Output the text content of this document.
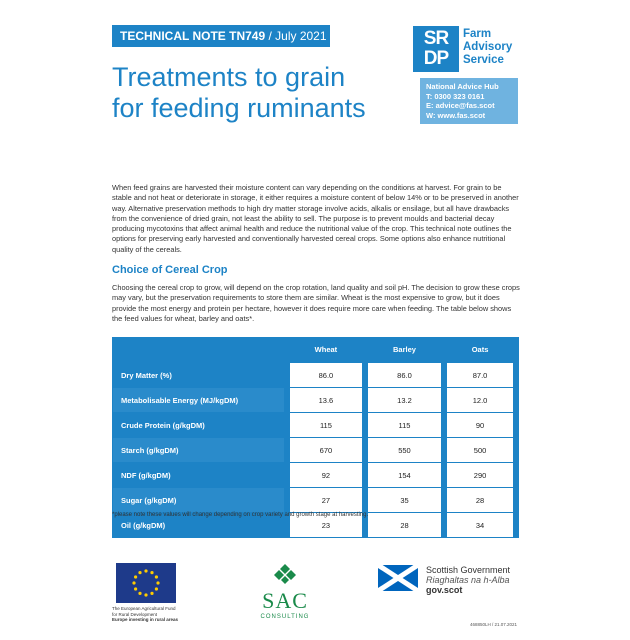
TECHNICAL NOTE TN749 / July 2021
Treatments to grain
for feeding ruminants
SR
DP
Farm
Advisory
Service
National Advice Hub
T: 0300 323 0161
E: advice@fas.scot
W: www.fas.scot
When feed grains are harvested their moisture content can vary depending on the conditions at harvest. For grain to be stable and not heat or deteriorate in storage, it either requires a moisture content of below 14% or to be preserved in another way. Alternative preservation methods to high dry matter storage involve acids, alkalis or ensilage, but all have drawbacks from the convenience of dried grain, not least the ability to sell. The purpose is to prevent moulds and bacterial decay producing mycotoxins that affect animal health and reduce the nutritional value of the crop. This technical note outlines the options for preserving early harvested and conventionally harvested cereal crops. Some options also enhance nutritional quality of the cereals.
Choice of Cereal Crop
Choosing the cereal crop to grow, will depend on the crop rotation, land quality and soil pH. The decision to grow these crops may vary, but the preservation requirements to store them are similar. Wheat is the most expensive to grow, but it does provide the most energy and protein per hectare, however it does require more care when feeding. The table below shows the feed values for wheat, barley and oats*.
	Wheat	Barley	Oats
Dry Matter (%)	86.0	86.0	87.0
Metabolisable Energy (MJ/kgDM)	13.6	13.2	12.0
Crude Protein (g/kgDM)	115	115	90
Starch (g/kgDM)	670	550	500
NDF (g/kgDM)	92	154	290
Sugar (g/kgDM)	27	35	28
Oil (g/kgDM)	23	28	34
*please note these values will change depending on crop variety and growth stage at harvesting.
The European Agricultural Fund
for Rural Development
Europe investing in rural areas
SAC
CONSULTING
Scottish Government
Riaghaltas na h-Alba
gov.scot
468850LH / 21.07.2021
